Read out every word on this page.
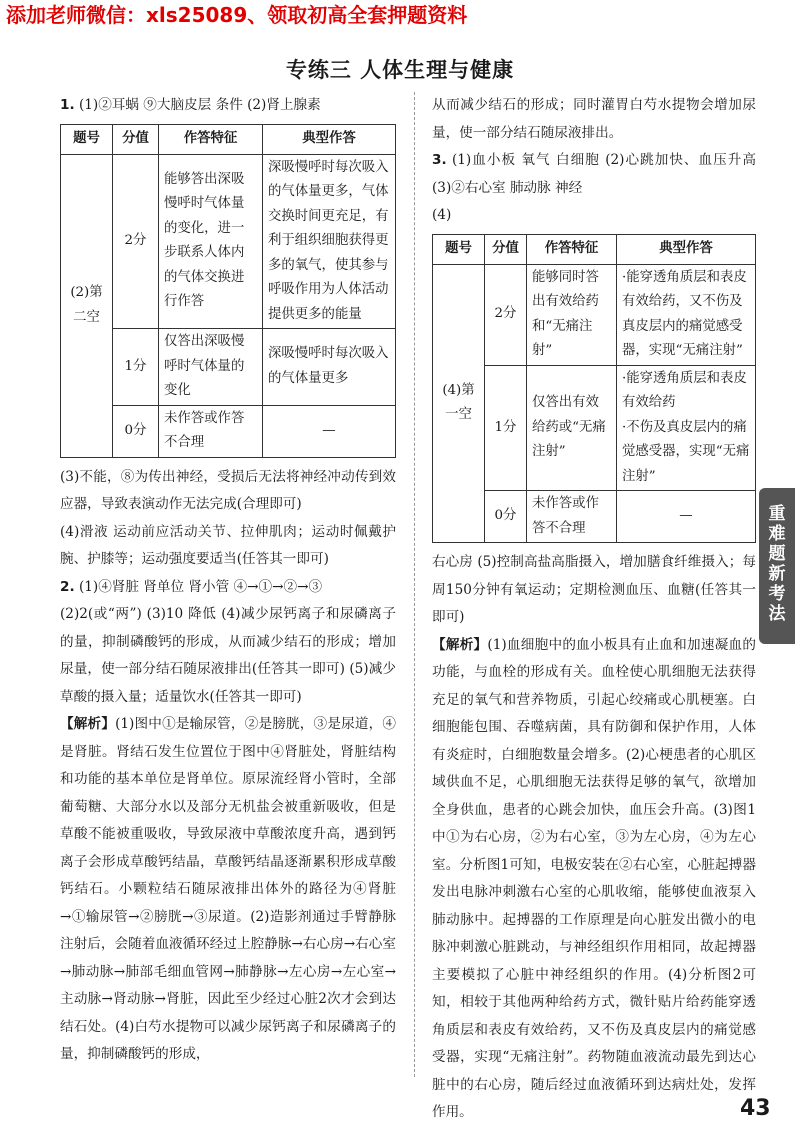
添加老师微信：xls25089、领取初高全套押题资料
专练三 人体生理与健康

1. (1)②耳蜗 ⑨大脑皮层 条件 (2)肾上腺素

题号	分值	作答特征	典型作答
(2)第二空	2分	能够答出深吸慢呼时气体量的变化，进一步联系人体内的气体交换进行作答	深吸慢呼时每次吸入的气体量更多，气体交换时间更充足，有利于组织细胞获得更多的氧气，使其参与呼吸作用为人体活动提供更多的能量
	1分	仅答出深吸慢呼时气体量的变化	深吸慢呼时每次吸入的气体量更多
	0分	未作答或作答不合理	—

(3)不能，⑧为传出神经，受损后无法将神经冲动传到效应器，导致表演动作无法完成(合理即可)

(4)滑液 运动前应活动关节、拉伸肌肉；运动时佩戴护腕、护膝等；运动强度要适当(任答其一即可)

2. (1)④肾脏 肾单位 肾小管 ④→①→②→③

(2)2(或“两”) (3)10 降低 (4)减少尿钙离子和尿磷离子的量，抑制磷酸钙的形成，从而减少结石的形成；增加尿量，使一部分结石随尿液排出(任答其一即可) (5)减少草酸的摄入量；适量饮水(任答其一即可)

【解析】(1)图中①是输尿管，②是膀胱，③是尿道，④是肾脏。肾结石发生位置位于图中④肾脏处，肾脏结构和功能的基本单位是肾单位。原尿流经肾小管时，全部葡萄糖、大部分水以及部分无机盐会被重新吸收，但是草酸不能被重吸收，导致尿液中草酸浓度升高，遇到钙离子会形成草酸钙结晶，草酸钙结晶逐渐累积形成草酸钙结石。小颗粒结石随尿液排出体外的路径为④肾脏→①输尿管→②膀胱→③尿道。(2)造影剂通过手臂静脉注射后，会随着血液循环经过上腔静脉→右心房→右心室→肺动脉→肺部毛细血管网→肺静脉→左心房→左心室→主动脉→肾动脉→肾脏，因此至少经过心脏2次才会到达结石处。(4)白芍水提物可以减少尿钙离子和尿磷离子的量，抑制磷酸钙的形成，

从而减少结石的形成；同时灌胃白芍水提物会增加尿量，使一部分结石随尿液排出。

3. (1)血小板 氧气 白细胞 (2)心跳加快、血压升高 (3)②右心室 肺动脉 神经

(4)

题号	分值	作答特征	典型作答
(4)第一空	2分	能够同时答出有效给药和“无痛注射”	·能穿透角质层和表皮有效给药，又不伤及真皮层内的痛觉感受器，实现“无痛注射”
	1分	仅答出有效给药或“无痛注射”	·能穿透角质层和表皮有效给药
·不伤及真皮层内的痛觉感受器，实现“无痛注射”
	0分	未作答或作答不合理	—

右心房 (5)控制高盐高脂摄入，增加膳食纤维摄入；每周150分钟有氧运动；定期检测血压、血糖(任答其一即可)

【解析】(1)血细胞中的血小板具有止血和加速凝血的功能，与血栓的形成有关。血栓使心肌细胞无法获得充足的氧气和营养物质，引起心绞痛或心肌梗塞。白细胞能包围、吞噬病菌，具有防御和保护作用，人体有炎症时，白细胞数量会增多。(2)心梗患者的心肌区域供血不足，心肌细胞无法获得足够的氧气，欲增加全身供血，患者的心跳会加快，血压会升高。(3)图1中①为右心房，②为右心室，③为左心房，④为左心室。分析图1可知，电极安装在②右心室，心脏起搏器发出电脉冲刺激右心室的心肌收缩，能够使血液泵入肺动脉中。起搏器的工作原理是向心脏发出微小的电脉冲刺激心脏跳动，与神经组织作用相同，故起搏器主要模拟了心脏中神经组织的作用。(4)分析图2可知，相较于其他两种给药方式，微针贴片给药能穿透角质层和表皮有效给药，又不伤及真皮层内的痛觉感受器，实现“无痛注射”。药物随血液流动最先到达心脏中的右心房，随后经过血液循环到达病灶处，发挥作用。

重
难
题
新
考
法
43
